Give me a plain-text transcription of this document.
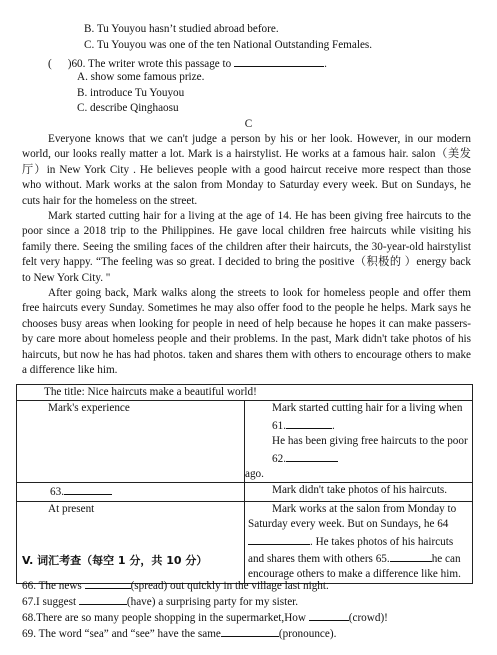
B. Tu Youyou hasn’t studied abroad before.
C. Tu Youyou was one of the ten National Outstanding Females.
( )60. The writer wrote this passage to	.
A. show some famous prize.
B. introduce Tu Youyou
C. describe Qinghaosu
C

Everyone knows that we can't judge a person by his or her look. However, in our modern world, our looks really matter a lot. Mark is a hairstylist. He works at a famous hair. salon（美发厅）in New York City . He believes people with a good haircut receive more respect than those who without. Mark works at the salon from Monday to Saturday every week. But on Sundays, he cuts hair for the homeless on the street.

Mark started cutting hair for a living at the age of 14. He has been giving free haircuts to the poor since a 2018 trip to the Philippines. He gave local children free haircuts while visiting his family there. Seeing the smiling faces of the children after their haircuts, the 30-year-old hairstylist felt very happy. “The feeling was so great. I decided to bring the positive（积极的 ）energy back to New York City. "

After going back, Mark walks along the streets to look for homeless people and offer them free haircuts every Sunday. Sometimes he may also offer food to the people he helps. Mark says he chooses busy areas when looking for people in need of help because he hopes it can make passers-by care more about homeless people and their problems. In the past, Mark didn't take photos of his haircuts, but now he has had photos. taken and shares them with others to encourage others to make a difference like him.

The title: Nice haircuts make a beautiful world!	
Mark's experience	Mark started cutting hair for a living when 61. .
He has been giving free haircuts to the poor 62.
ago.

63.	Mark didn't take photos of his haircuts.
At present	Mark works at the salon from Monday to Saturday every week. But on Sundays, he 64. He takes photos of his haircuts and shares them with others 65. he can encourage others to make a difference like him.
V. 词汇考查（每空 1 分，共 10 分）
66. The news	(spread) out quickly in the village last night.
67.I suggest	(have) a surprising party for my sister.
68.There are so many people shopping in the supermarket,How	(crowd)!
69. The word “sea” and “see” have the same	(pronounce).
